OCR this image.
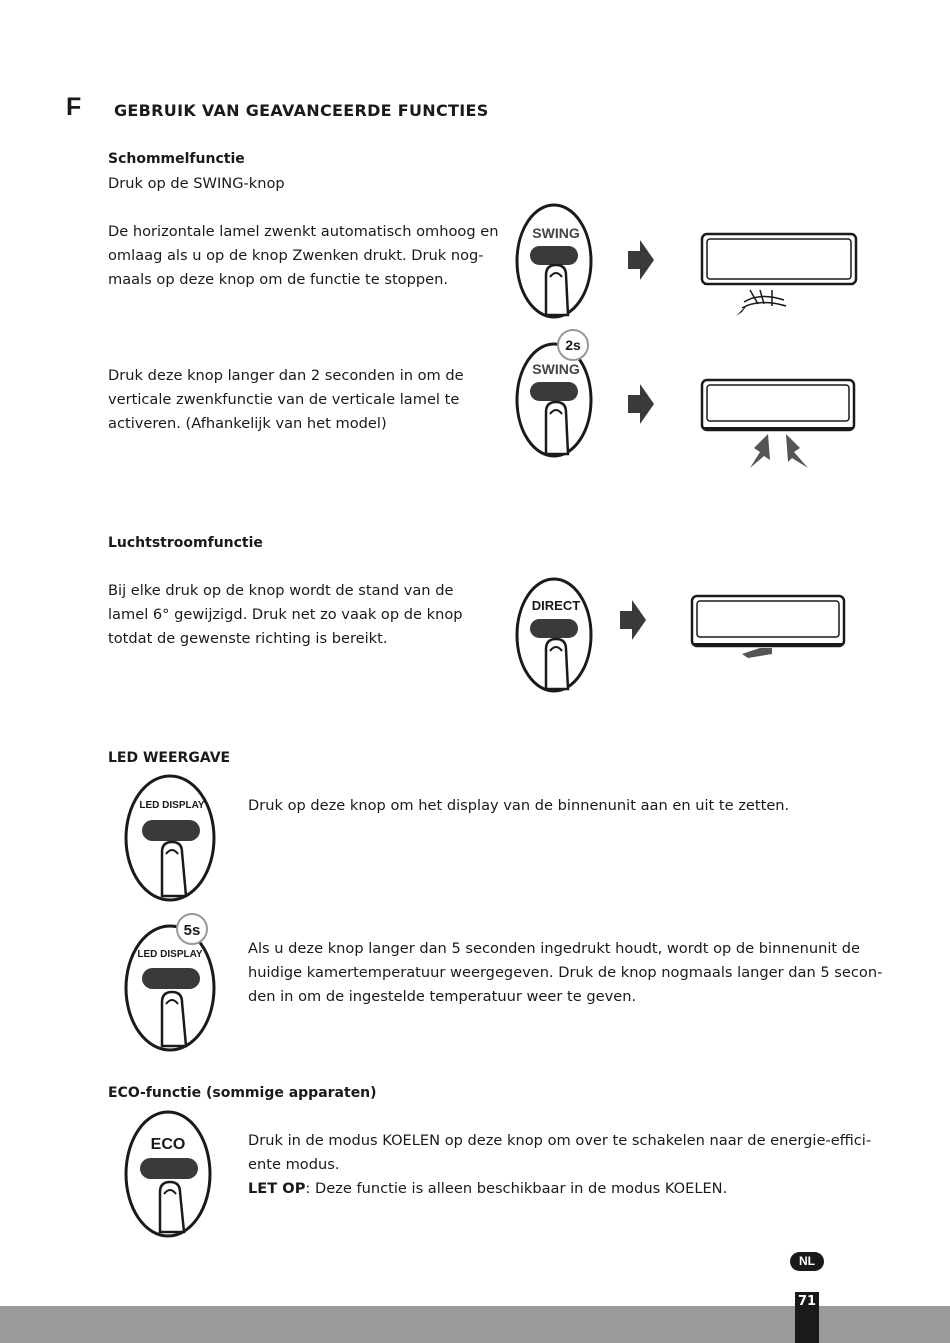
F GEBRUIK VAN GEAVANCEERDE FUNCTIES
Schommelfunctie
Druk op de SWING-knop
De horizontale lamel zwenkt automatisch omhoog en
omlaag als u op de knop Zwenken drukt. Druk nog-
maals op deze knop om de functie te stoppen.
Druk deze knop langer dan 2 seconden in om de
verticale zwenkfunctie van de verticale lamel te
activeren. (Afhankelijk van het model)
SWING
2s
SWING
Luchtstroomfunctie
Bij elke druk op de knop wordt de stand van de
lamel 6° gewijzigd. Druk net zo vaak op de knop
totdat de gewenste richting is bereikt.
DIRECT
LED WEERGAVE
LED DISPLAY	Druk op deze knop om het display van de binnenunit aan en uit te zetten.
5s
LED DISPLAY	Als u deze knop langer dan 5 seconden ingedrukt houdt, wordt op de binnenunit de
huidige kamertemperatuur weergegeven. Druk de knop nogmaals langer dan 5 secon-
den in om de ingestelde temperatuur weer te geven.
ECO-functie (sommige apparaten)
ECO	Druk in de modus KOELEN op deze knop om over te schakelen naar de energie-effici-
ente modus.
LET OP: Deze functie is alleen beschikbaar in de modus KOELEN.
NL
71
